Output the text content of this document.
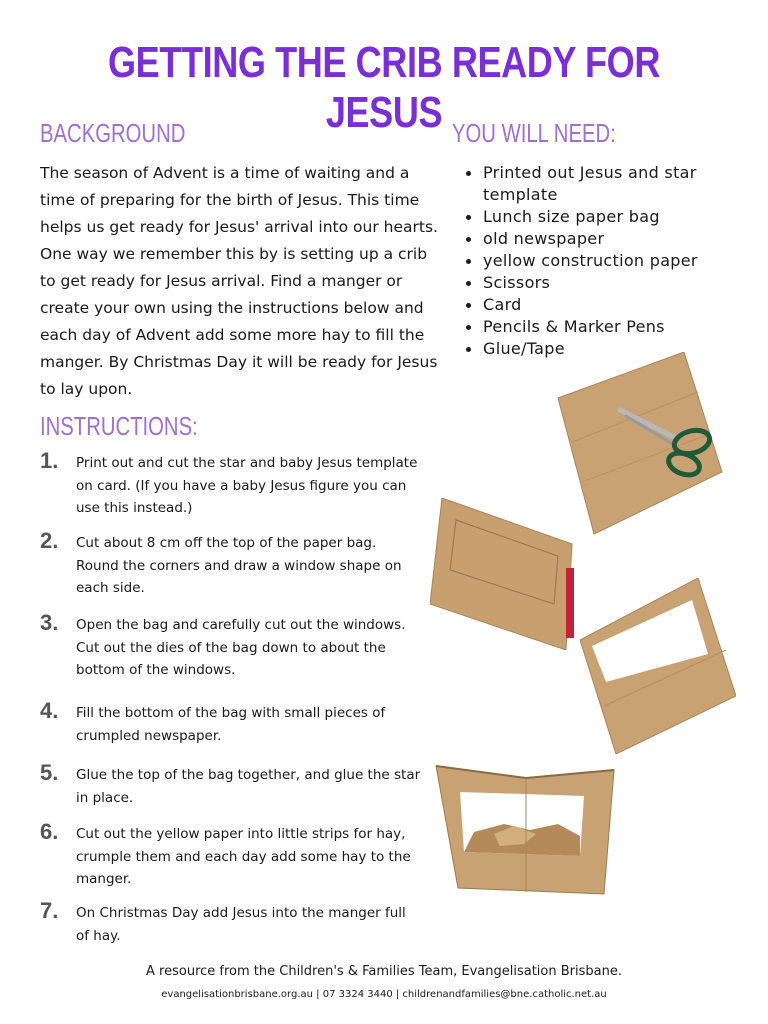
GETTING THE CRIB READY FOR JESUS
BACKGROUND
The season of Advent is a time of waiting and a time of preparing for the birth of Jesus. This time helps us get ready for Jesus' arrival into our hearts. One way we remember this by is setting up a crib to get ready for Jesus arrival. Find a manger or create your own using the instructions below and each day of Advent add some more hay to fill the manger. By Christmas Day it will be ready for Jesus to lay upon.
YOU WILL NEED:
Printed out Jesus and star template
Lunch size paper bag
old newspaper
yellow construction paper
Scissors
Card
Pencils & Marker Pens
Glue/Tape
INSTRUCTIONS:
1. Print out and cut the star and baby Jesus template on card. (If you have a baby Jesus figure you can use this instead.)
2. Cut about 8 cm off the top of the paper bag. Round the corners and draw a window shape on each side.
3. Open the bag and carefully cut out the windows. Cut out the dies of the bag down to about the bottom of the windows.
4. Fill the bottom of the bag with small pieces of crumpled newspaper.
5. Glue the top of the bag together, and glue the star in place.
6. Cut out the yellow paper into little strips for hay, crumple them and each day add some hay to the manger.
7. On Christmas Day add Jesus into the manger full of hay.
A resource from the Children's & Families Team, Evangelisation Brisbane.
evangelisationbrisbane.org.au | 07 3324 3440 | childrenandfamilies@bne.catholic.net.au
